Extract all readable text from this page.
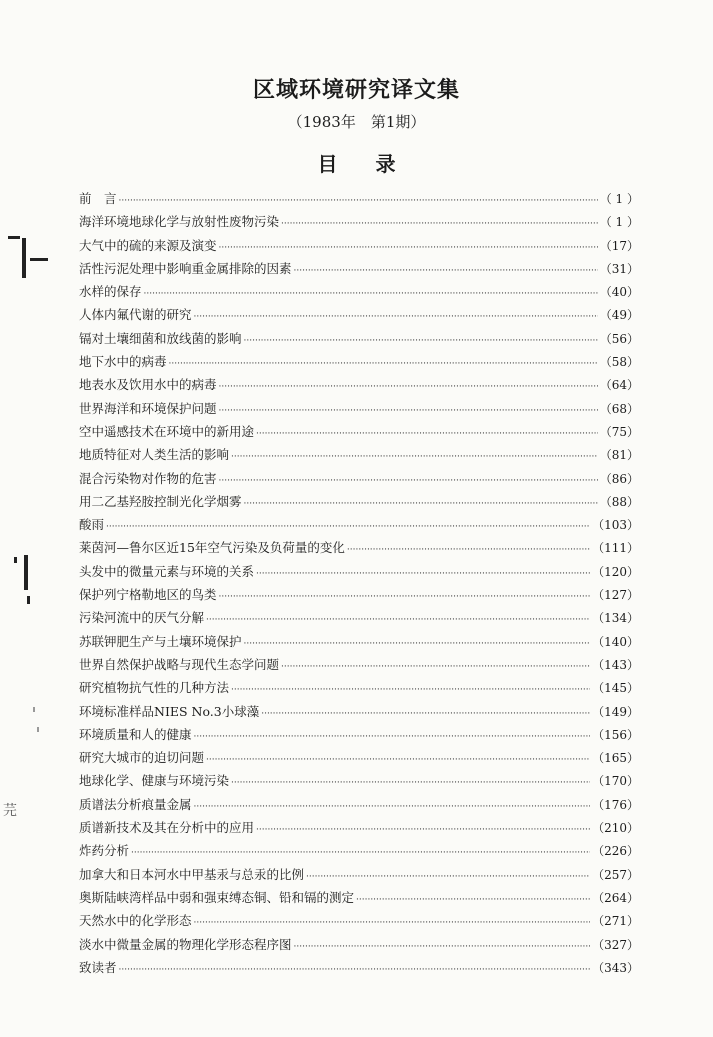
区域环境研究译文集
（1983年　第1期）
目录
前　言 ·····	（ 1 ）
海洋环境地球化学与放射性废物污染 ·····	（ 1 ）
大气中的硫的来源及演变 ·····	（17）
活性污泥处理中影响重金属排除的因素 ·····	（31）
水样的保存 ·····	（40）
人体内氟代谢的研究 ·····	（49）
镉对土壤细菌和放线菌的影响 ·····	（56）
地下水中的病毒 ·····	（58）
地表水及饮用水中的病毒 ·····	（64）
世界海洋和环境保护问题 ·····	（68）
空中遥感技术在环境中的新用途 ·····	（75）
地质特征对人类生活的影响 ·····	（81）
混合污染物对作物的危害 ·····	（86）
用二乙基羟胺控制光化学烟雾 ·····	（88）
酸雨 ·····	（103）
莱茵河—鲁尔区近15年空气污染及负荷量的变化 ·····	（111）
头发中的微量元素与环境的关系 ·····	（120）
保护列宁格勒地区的鸟类 ·····	（127）
污染河流中的厌气分解 ·····	（134）
苏联钾肥生产与土壤环境保护 ·····	（140）
世界自然保护战略与现代生态学问题 ·····	（143）
研究植物抗气性的几种方法 ·····	（145）
环境标准样品NIES No.3小球藻 ·····	（149）
环境质量和人的健康 ·····	（156）
研究大城市的迫切问题 ·····	（165）
地球化学、健康与环境污染 ·····	（170）
质谱法分析痕量金属 ·····	（176）
质谱新技术及其在分析中的应用 ·····	（210）
炸药分析 ·····	（226）
加拿大和日本河水中甲基汞与总汞的比例 ·····	（257）
奥斯陆峡湾样品中弱和强束缚态铜、铅和镉的测定 ·····	（264）
天然水中的化学形态 ·····	（271）
淡水中微量金属的物理化学形态程序图 ·····	（327）
致读者 ·····	（343）
芫
